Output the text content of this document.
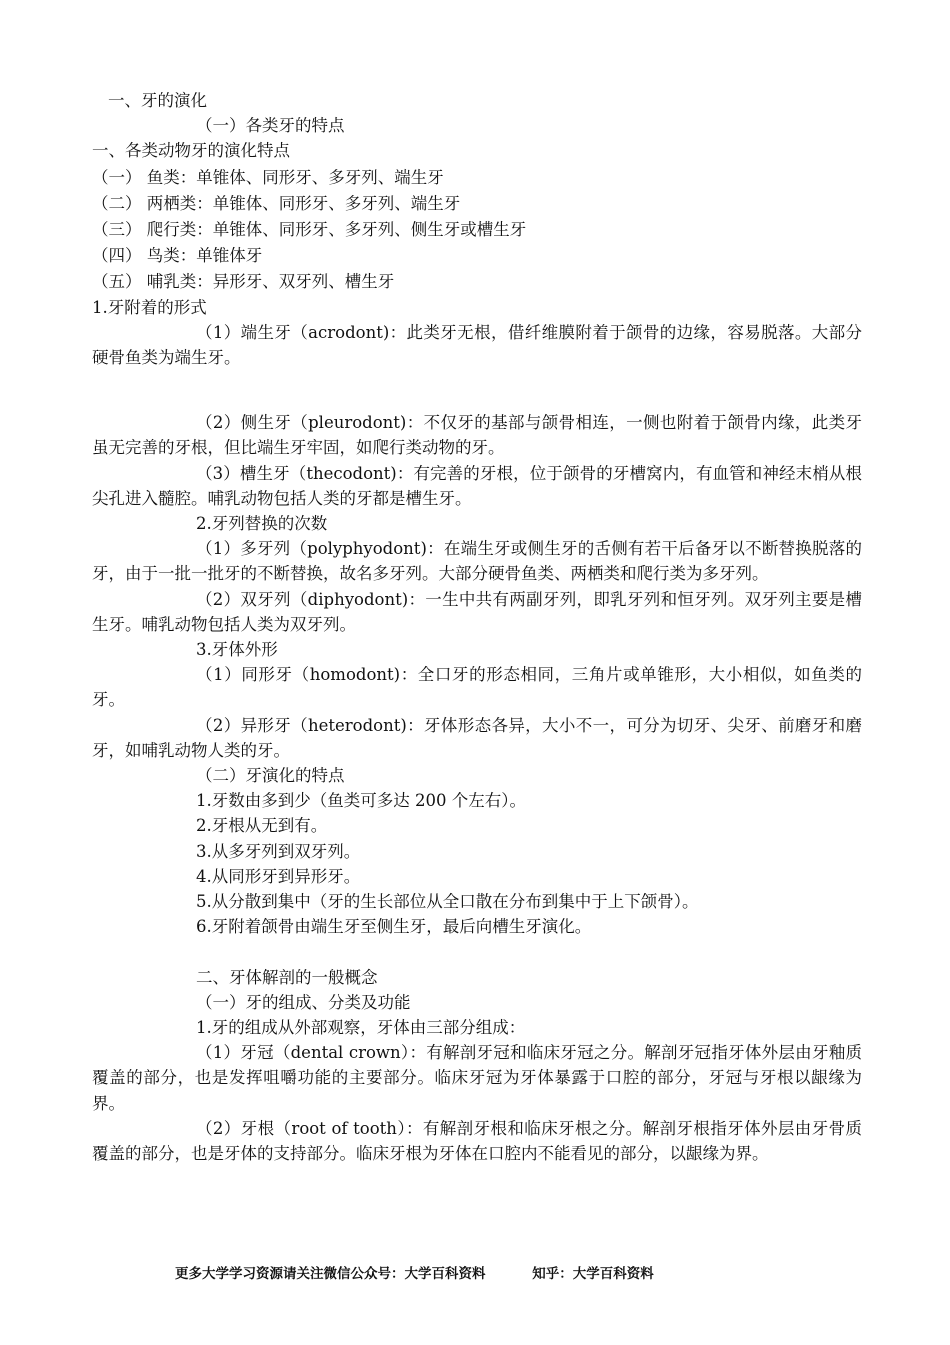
一、牙的演化
（一）各类牙的特点
一、各类动物牙的演化特点
（一） 鱼类：单锥体、同形牙、多牙列、端生牙
（二） 两栖类：单锥体、同形牙、多牙列、端生牙
（三） 爬行类：单锥体、同形牙、多牙列、侧生牙或槽生牙
（四） 鸟类：单锥体牙
（五） 哺乳类：异形牙、双牙列、槽生牙
1.牙附着的形式
（1）端生牙（acrodont)：此类牙无根，借纤维膜附着于颌骨的边缘，容易脱落。大部分硬骨鱼类为端生牙。
（2）侧生牙（pleurodont)：不仅牙的基部与颌骨相连，一侧也附着于颌骨内缘，此类牙虽无完善的牙根，但比端生牙牢固，如爬行类动物的牙。
（3）槽生牙（thecodont)：有完善的牙根，位于颌骨的牙槽窝内，有血管和神经末梢从根尖孔进入髓腔。哺乳动物包括人类的牙都是槽生牙。
2.牙列替换的次数
（1）多牙列（polyphyodont)：在端生牙或侧生牙的舌侧有若干后备牙以不断替换脱落的牙，由于一批一批牙的不断替换，故名多牙列。大部分硬骨鱼类、两栖类和爬行类为多牙列。
（2）双牙列（diphyodont)：一生中共有两副牙列，即乳牙列和恒牙列。双牙列主要是槽生牙。哺乳动物包括人类为双牙列。
3.牙体外形
（1）同形牙（homodont)：全口牙的形态相同，三角片或单锥形，大小相似，如鱼类的牙。
（2）异形牙（heterodont)：牙体形态各异，大小不一，可分为切牙、尖牙、前磨牙和磨牙，如哺乳动物人类的牙。
（二）牙演化的特点
1.牙数由多到少（鱼类可多达 200 个左右）。
2.牙根从无到有。
3.从多牙列到双牙列。
4.从同形牙到异形牙。
5.从分散到集中（牙的生长部位从全口散在分布到集中于上下颌骨）。
6.牙附着颌骨由端生牙至侧生牙，最后向槽生牙演化。
二、牙体解剖的一般概念
（一）牙的组成、分类及功能
1.牙的组成从外部观察，牙体由三部分组成：
（1）牙冠（dental crown）：有解剖牙冠和临床牙冠之分。解剖牙冠指牙体外层由牙釉质覆盖的部分，也是发挥咀嚼功能的主要部分。临床牙冠为牙体暴露于口腔的部分，牙冠与牙根以龈缘为界。
（2）牙根（root of tooth）：有解剖牙根和临床牙根之分。解剖牙根指牙体外层由牙骨质覆盖的部分，也是牙体的支持部分。临床牙根为牙体在口腔内不能看见的部分，以龈缘为界。
更多大学学习资源请关注微信公众号：大学百科资料	知乎：大学百科资料
